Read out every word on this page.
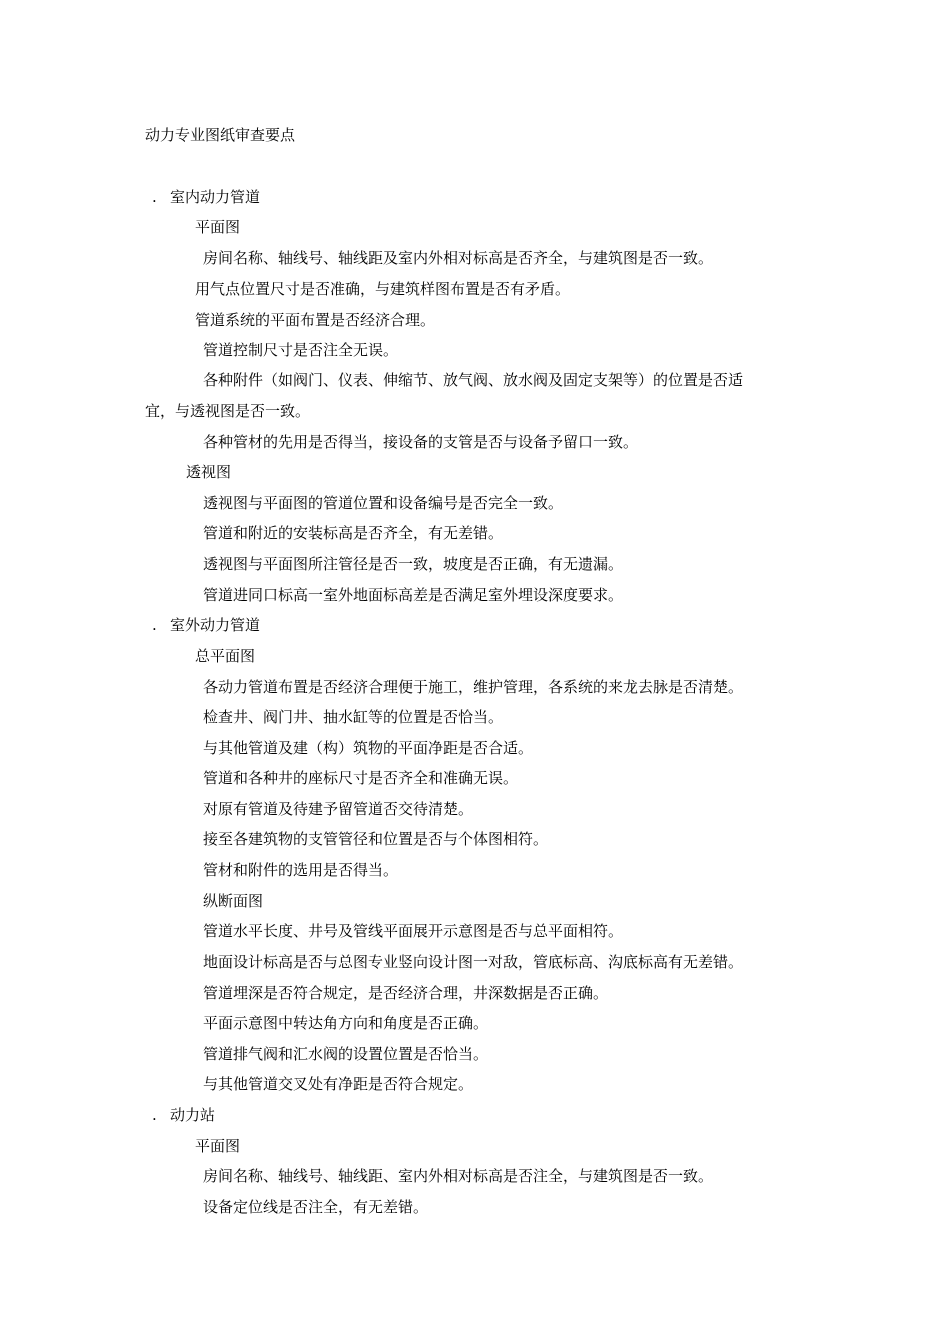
动力专业图纸审查要点
. 室内动力管道
平面图
房间名称、轴线号、轴线距及室内外相对标高是否齐全，与建筑图是否一致。
用气点位置尺寸是否准确，与建筑样图布置是否有矛盾。
管道系统的平面布置是否经济合理。
管道控制尺寸是否注全无误。
各种附件（如阀门、仪表、伸缩节、放气阀、放水阀及固定支架等）的位置是否适
宜，与透视图是否一致。
各种管材的先用是否得当，接设备的支管是否与设备予留口一致。
透视图
透视图与平面图的管道位置和设备编号是否完全一致。
管道和附近的安装标高是否齐全，有无差错。
透视图与平面图所注管径是否一致，坡度是否正确，有无遗漏。
管道进同口标高一室外地面标高差是否满足室外埋设深度要求。
. 室外动力管道
总平面图
各动力管道布置是否经济合理便于施工，维护管理，各系统的来龙去脉是否清楚。
检查井、阀门井、抽水缸等的位置是否恰当。
与其他管道及建（构）筑物的平面净距是否合适。
管道和各种井的座标尺寸是否齐全和准确无误。
对原有管道及待建予留管道否交待清楚。
接至各建筑物的支管管径和位置是否与个体图相符。
管材和附件的选用是否得当。
纵断面图
管道水平长度、井号及管线平面展开示意图是否与总平面相符。
地面设计标高是否与总图专业竖向设计图一对敌，管底标高、沟底标高有无差错。
管道埋深是否符合规定，是否经济合理，井深数据是否正确。
平面示意图中转达角方向和角度是否正确。
管道排气阀和汇水阀的设置位置是否恰当。
与其他管道交叉处有净距是否符合规定。
. 动力站
平面图
房间名称、轴线号、轴线距、室内外相对标高是否注全，与建筑图是否一致。
设备定位线是否注全，有无差错。
